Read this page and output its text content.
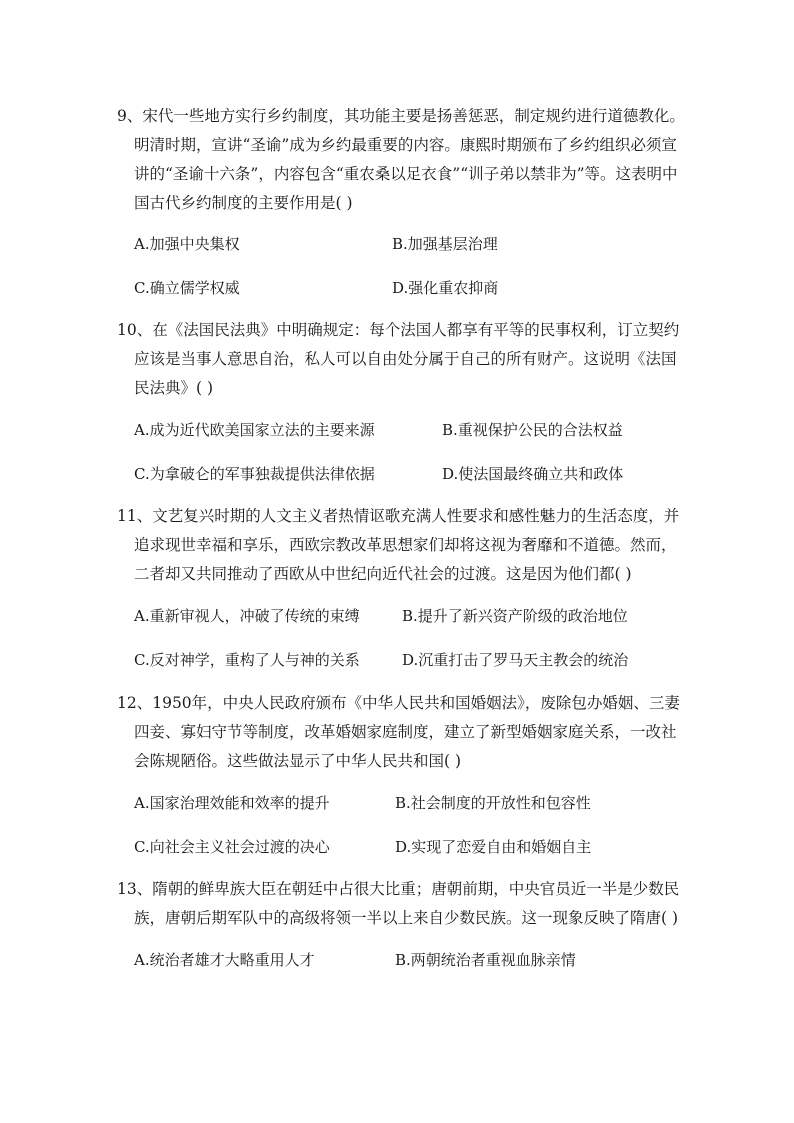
9、宋代一些地方实行乡约制度，其功能主要是扬善惩恶，制定规约进行道德教化。明清时期，宣讲“圣谕”成为乡约最重要的内容。康熙时期颁布了乡约组织必须宣讲的“圣谕十六条”，内容包含“重农桑以足衣食”“训子弟以禁非为”等。这表明中国古代乡约制度的主要作用是( )

A.加强中央集权	B.加强基层治理
C.确立儒学权威	D.强化重农抑商

10、在《法国民法典》中明确规定：每个法国人都享有平等的民事权利，订立契约应该是当事人意思自治，私人可以自由处分属于自己的所有财产。这说明《法国民法典》( )

A.成为近代欧美国家立法的主要来源	B.重视保护公民的合法权益
C.为拿破仑的军事独裁提供法律依据	D.使法国最终确立共和政体

11、文艺复兴时期的人文主义者热情讴歌充满人性要求和感性魅力的生活态度，并追求现世幸福和享乐，西欧宗教改革思想家们却将这视为奢靡和不道德。然而，二者却又共同推动了西欧从中世纪向近代社会的过渡。这是因为他们都( )

A.重新审视人，冲破了传统的束缚	B.提升了新兴资产阶级的政治地位
C.反对神学，重构了人与神的关系	D.沉重打击了罗马天主教会的统治

12、1950年，中央人民政府颁布《中华人民共和国婚姻法》，废除包办婚姻、三妻四妾、寡妇守节等制度，改革婚姻家庭制度，建立了新型婚姻家庭关系，一改社会陈规陋俗。这些做法显示了中华人民共和国( )

A.国家治理效能和效率的提升	B.社会制度的开放性和包容性
C.向社会主义社会过渡的决心	D.实现了恋爱自由和婚姻自主

13、隋朝的鲜卑族大臣在朝廷中占很大比重；唐朝前期，中央官员近一半是少数民族，唐朝后期军队中的高级将领一半以上来自少数民族。这一现象反映了隋唐( )

A.统治者雄才大略重用人才	B.两朝统治者重视血脉亲情
